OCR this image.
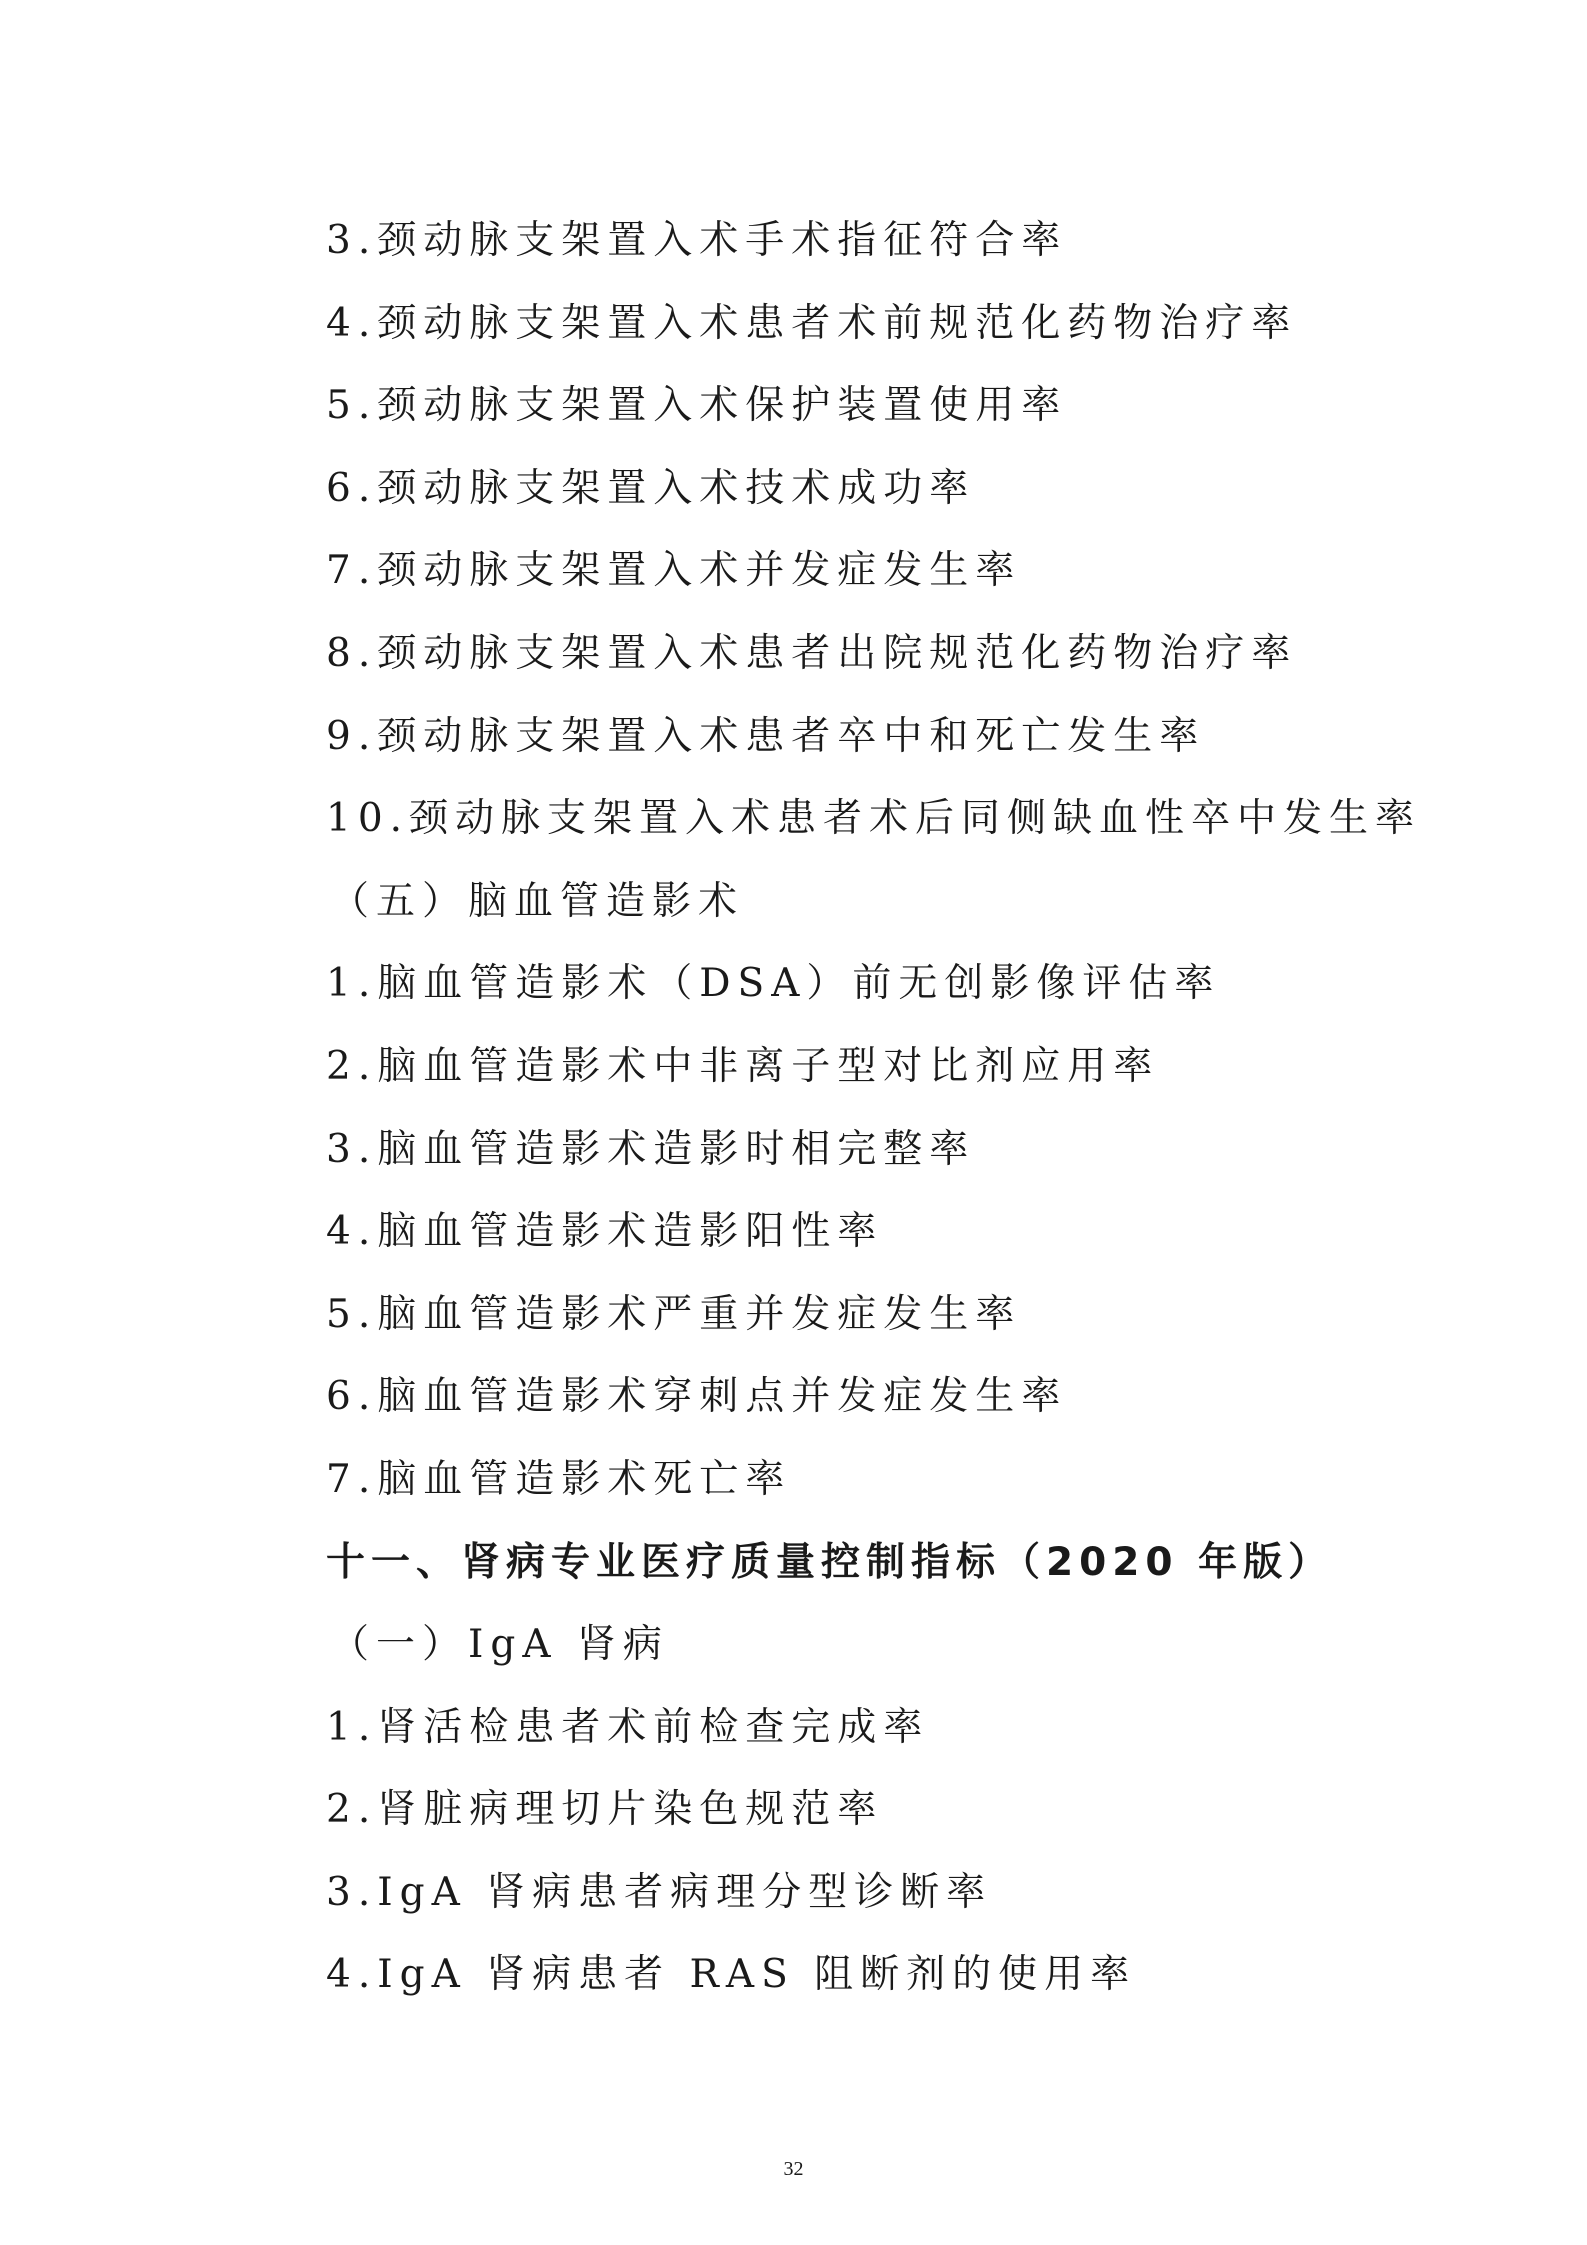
3.颈动脉支架置入术手术指征符合率
4.颈动脉支架置入术患者术前规范化药物治疗率
5.颈动脉支架置入术保护装置使用率
6.颈动脉支架置入术技术成功率
7.颈动脉支架置入术并发症发生率
8.颈动脉支架置入术患者出院规范化药物治疗率
9.颈动脉支架置入术患者卒中和死亡发生率
10.颈动脉支架置入术患者术后同侧缺血性卒中发生率
（五）脑血管造影术
1.脑血管造影术（DSA）前无创影像评估率
2.脑血管造影术中非离子型对比剂应用率
3.脑血管造影术造影时相完整率
4.脑血管造影术造影阳性率
5.脑血管造影术严重并发症发生率
6.脑血管造影术穿刺点并发症发生率
7.脑血管造影术死亡率
十一、肾病专业医疗质量控制指标（2020 年版）
（一）IgA 肾病
1.肾活检患者术前检查完成率
2.肾脏病理切片染色规范率
3.IgA 肾病患者病理分型诊断率
4.IgA 肾病患者 RAS 阻断剂的使用率
32
